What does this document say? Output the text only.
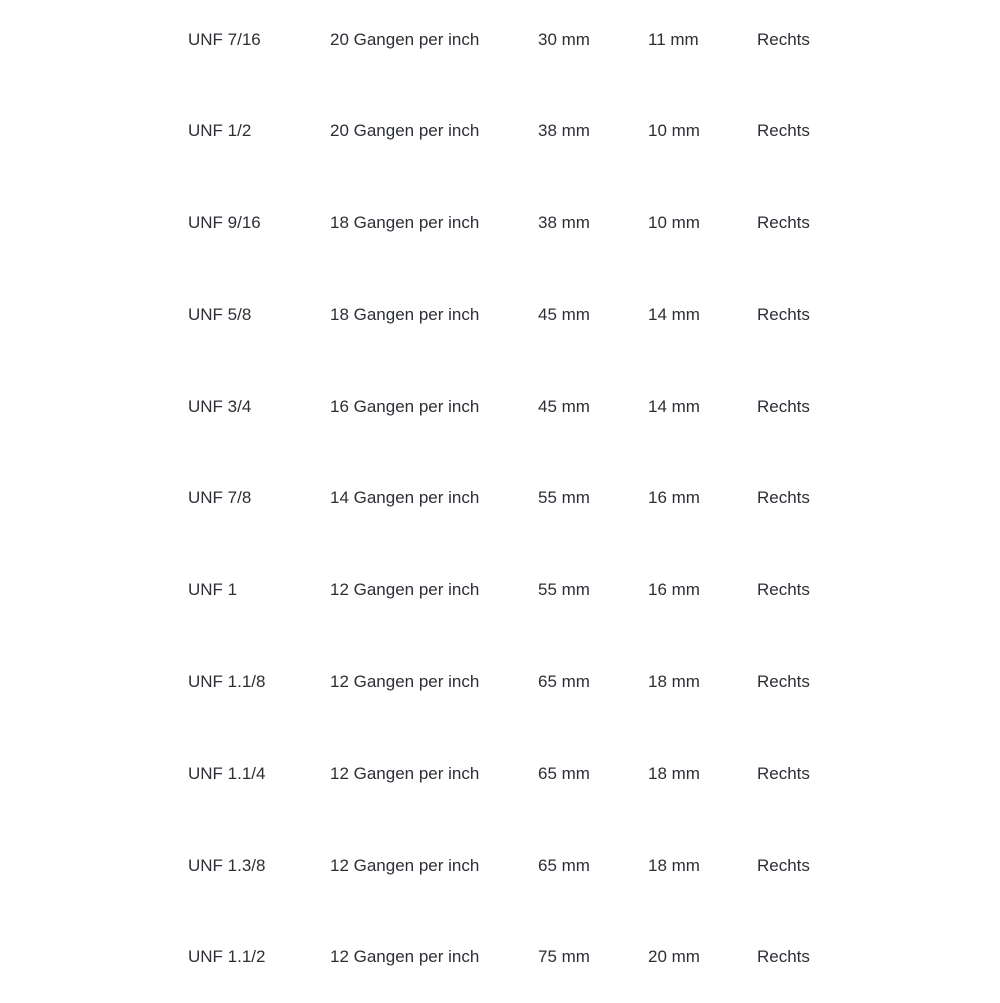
UNF 7/16	20 Gangen per inch	30 mm	11 mm	Rechts
UNF 1/2	20 Gangen per inch	38 mm	10 mm	Rechts
UNF 9/16	18 Gangen per inch	38 mm	10 mm	Rechts
UNF 5/8	18 Gangen per inch	45 mm	14 mm	Rechts
UNF 3/4	16 Gangen per inch	45 mm	14 mm	Rechts
UNF 7/8	14 Gangen per inch	55 mm	16 mm	Rechts
UNF 1	12 Gangen per inch	55 mm	16 mm	Rechts
UNF 1.1/8	12 Gangen per inch	65 mm	18 mm	Rechts
UNF 1.1/4	12 Gangen per inch	65 mm	18 mm	Rechts
UNF 1.3/8	12 Gangen per inch	65 mm	18 mm	Rechts
UNF 1.1/2	12 Gangen per inch	75 mm	20 mm	Rechts
